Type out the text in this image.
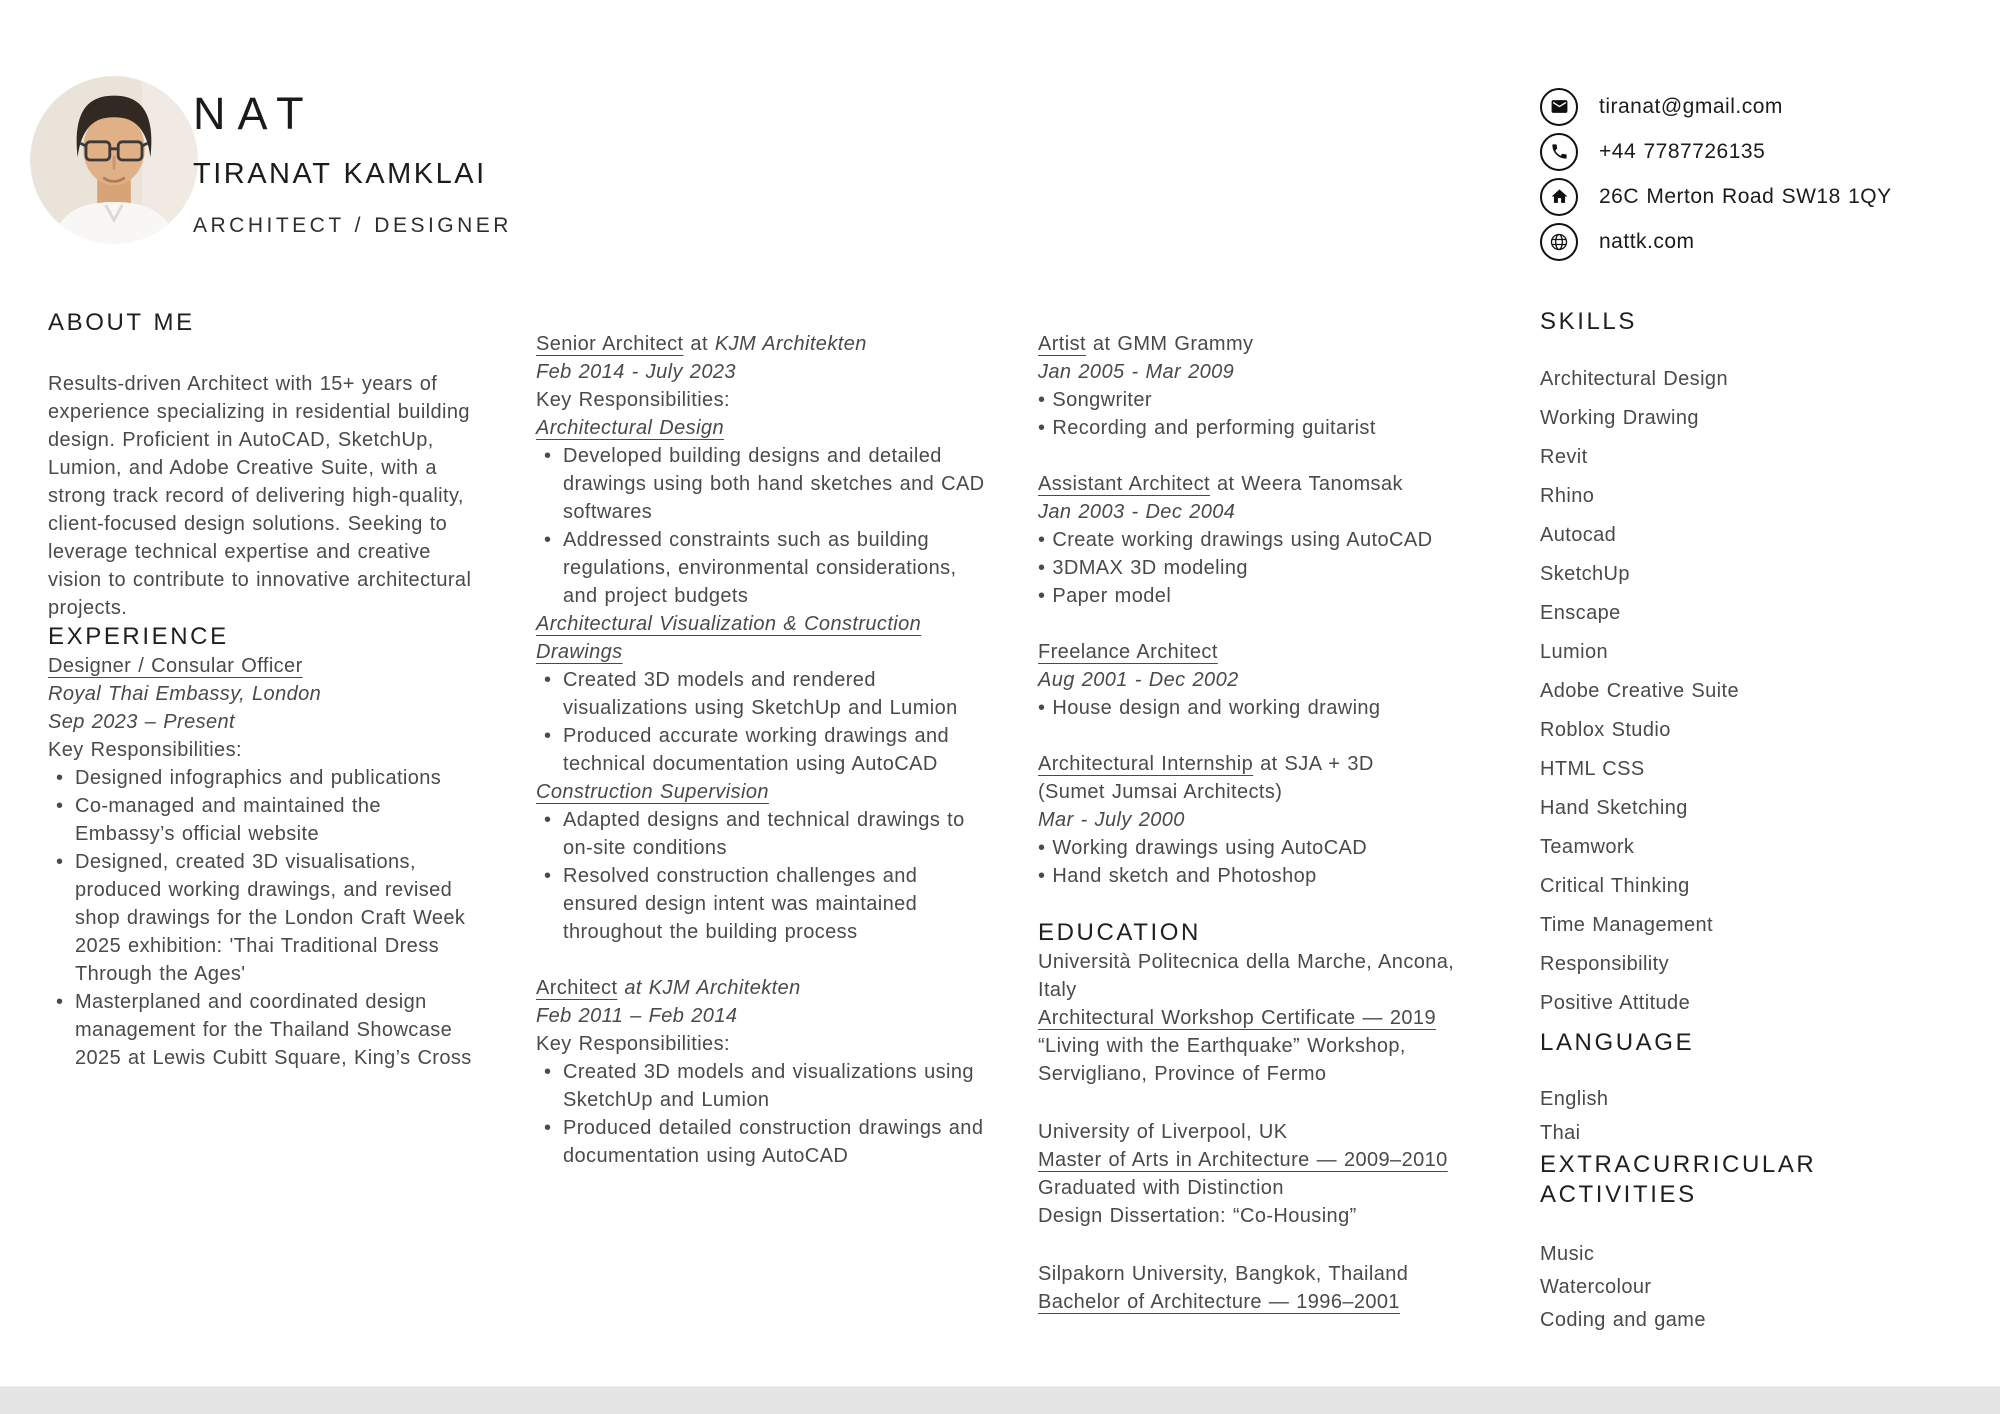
NAT
TIRANAT KAMKLAI
ARCHITECT / DESIGNER
tiranat@gmail.com
+44 7787726135
26C Merton Road SW18 1QY
nattk.com
ABOUT ME

Results-driven Architect with 15+ years of experience specializing in residential building design. Proficient in AutoCAD, SketchUp, Lumion, and Adobe Creative Suite, with a strong track record of delivering high-quality, client-focused design solutions. Seeking to leverage technical expertise and creative vision to contribute to innovative architectural projects.

EXPERIENCE
Designer / Consular Officer
Royal Thai Embassy, London
Sep 2023 – Present
Key Responsibilities:
• Designed infographics and publications
• Co-managed and maintained the Embassy’s official website
• Designed, created 3D visualisations, produced working drawings, and revised shop drawings for the London Craft Week 2025 exhibition: 'Thai Traditional Dress Through the Ages'
• Masterplaned and coordinated design management for the Thailand Showcase 2025 at Lewis Cubitt Square, King’s Cross
Senior Architect at KJM Architekten
Feb 2014 - July 2023
Key Responsibilities:
Architectural Design
• Developed building designs and detailed drawings using both hand sketches and CAD softwares
• Addressed constraints such as building regulations, environmental considerations, and project budgets
Architectural Visualization & Construction Drawings
• Created 3D models and rendered visualizations using SketchUp and Lumion
• Produced accurate working drawings and technical documentation using AutoCAD
Construction Supervision
• Adapted designs and technical drawings to on-site conditions
• Resolved construction challenges and ensured design intent was maintained throughout the building process
Architect at KJM Architekten
Feb 2011 – Feb 2014
Key Responsibilities:
• Created 3D models and visualizations using SketchUp and Lumion
• Produced detailed construction drawings and documentation using AutoCAD
Artist at GMM Grammy
Jan 2005 - Mar 2009
• Songwriter
• Recording and performing guitarist
Assistant Architect at Weera Tanomsak
Jan 2003 - Dec 2004
• Create working drawings using AutoCAD
• 3DMAX 3D modeling
• Paper model
Freelance Architect
Aug 2001 - Dec 2002
• House design and working drawing
Architectural Internship at SJA + 3D
(Sumet Jumsai Architects)
Mar - July 2000
• Working drawings using AutoCAD
• Hand sketch and Photoshop
EDUCATION
Università Politecnica della Marche, Ancona, Italy
Architectural Workshop Certificate — 2019
“Living with the Earthquake” Workshop, Servigliano, Province of Fermo
University of Liverpool, UK
Master of Arts in Architecture — 2009–2010
Graduated with Distinction
Design Dissertation: “Co-Housing”
Silpakorn University, Bangkok, Thailand
Bachelor of Architecture — 1996–2001
SKILLS
Architectural Design
Working Drawing
Revit
Rhino
Autocad
SketchUp
Enscape
Lumion
Adobe Creative Suite
Roblox Studio
HTML CSS
Hand Sketching
Teamwork
Critical Thinking
Time Management
Responsibility
Positive Attitude
LANGUAGE
English
Thai
EXTRACURRICULAR ACTIVITIES
Music
Watercolour
Coding and game
